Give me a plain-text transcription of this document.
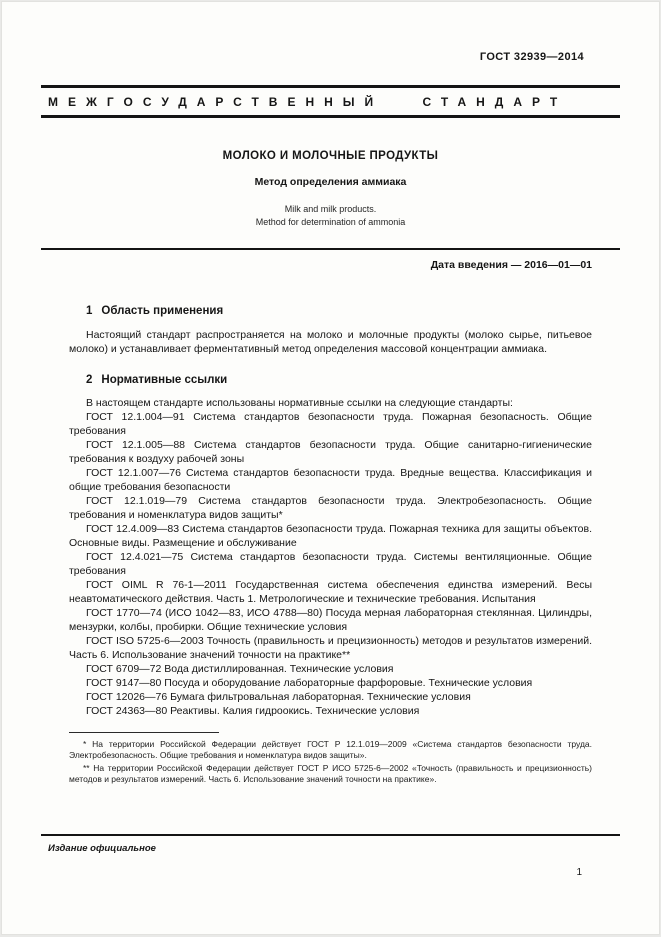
ГОСТ 32939—2014
МЕЖГОСУДАРСТВЕННЫЙ СТАНДАРТ
МОЛОКО И МОЛОЧНЫЕ ПРОДУКТЫ
Метод определения аммиака
Milk and milk products.
Method for determination of ammonia
Дата введения — 2016—01—01
1 Область применения

Настоящий стандарт распространяется на молоко и молочные продукты (молоко сырье, питьевое молоко) и устанавливает ферментативный метод определения массовой концентрации аммиака.

2 Нормативные ссылки

В настоящем стандарте использованы нормативные ссылки на следующие стандарты:

ГОСТ 12.1.004—91 Система стандартов безопасности труда. Пожарная безопасность. Общие требования

ГОСТ 12.1.005—88 Система стандартов безопасности труда. Общие санитарно-гигиенические требования к воздуху рабочей зоны

ГОСТ 12.1.007—76 Система стандартов безопасности труда. Вредные вещества. Классификация и общие требования безопасности

ГОСТ 12.1.019—79 Система стандартов безопасности труда. Электробезопасность. Общие требования и номенклатура видов защиты*

ГОСТ 12.4.009—83 Система стандартов безопасности труда. Пожарная техника для защиты объектов. Основные виды. Размещение и обслуживание

ГОСТ 12.4.021—75 Система стандартов безопасности труда. Системы вентиляционные. Общие требования

ГОСТ OIML R 76-1—2011 Государственная система обеспечения единства измерений. Весы неавтоматического действия. Часть 1. Метрологические и технические требования. Испытания

ГОСТ 1770—74 (ИСО 1042—83, ИСО 4788—80) Посуда мерная лабораторная стеклянная. Цилиндры, мензурки, колбы, пробирки. Общие технические условия

ГОСТ ISO 5725-6—2003 Точность (правильность и прецизионность) методов и результатов измерений. Часть 6. Использование значений точности на практике**

ГОСТ 6709—72 Вода дистиллированная. Технические условия

ГОСТ 9147—80 Посуда и оборудование лабораторные фарфоровые. Технические условия

ГОСТ 12026—76 Бумага фильтровальная лабораторная. Технические условия

ГОСТ 24363—80 Реактивы. Калия гидроокись. Технические условия

* На территории Российской Федерации действует ГОСТ Р 12.1.019—2009 «Система стандартов безопасности труда. Электробезопасность. Общие требования и номенклатура видов защиты».

** На территории Российской Федерации действует ГОСТ Р ИСО 5725-6—2002 «Точность (правильность и прецизионность) методов и результатов измерений. Часть 6. Использование значений точности на практике».

Издание официальное
1
